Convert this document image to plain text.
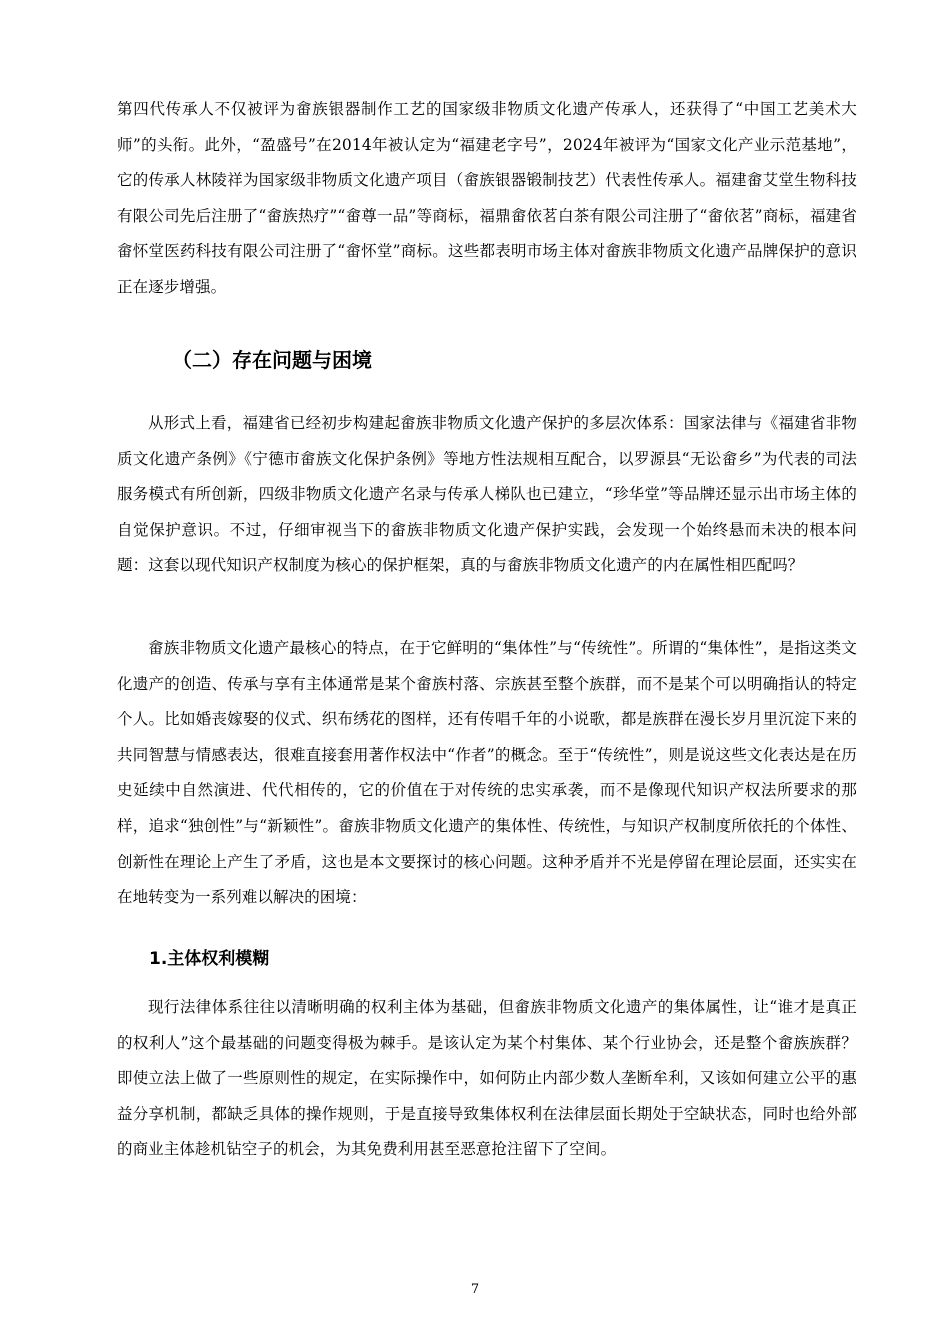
第四代传承人不仅被评为畲族银器制作工艺的国家级非物质文化遗产传承人，还获得了“中国工艺美术大师”的头衔。此外，“盈盛号”在2014年被认定为“福建老字号”，2024年被评为“国家文化产业示范基地”，它的传承人林陵祥为国家级非物质文化遗产项目（畲族银器锻制技艺）代表性传承人。福建畲艾堂生物科技有限公司先后注册了“畲族热疗”“畲尊一品”等商标，福鼎畲依茗白茶有限公司注册了“畲依茗”商标，福建省畲怀堂医药科技有限公司注册了“畲怀堂”商标。这些都表明市场主体对畲族非物质文化遗产品牌保护的意识正在逐步增强。

（二）存在问题与困境

从形式上看，福建省已经初步构建起畲族非物质文化遗产保护的多层次体系：国家法律与《福建省非物质文化遗产条例》《宁德市畲族文化保护条例》等地方性法规相互配合，以罗源县“无讼畲乡”为代表的司法服务模式有所创新，四级非物质文化遗产名录与传承人梯队也已建立，“珍华堂”等品牌还显示出市场主体的自觉保护意识。不过，仔细审视当下的畲族非物质文化遗产保护实践，会发现一个始终悬而未决的根本问题：这套以现代知识产权制度为核心的保护框架，真的与畲族非物质文化遗产的内在属性相匹配吗？

畲族非物质文化遗产最核心的特点，在于它鲜明的“集体性”与“传统性”。所谓的“集体性”，是指这类文化遗产的创造、传承与享有主体通常是某个畲族村落、宗族甚至整个族群，而不是某个可以明确指认的特定个人。比如婚丧嫁娶的仪式、织布绣花的图样，还有传唱千年的小说歌，都是族群在漫长岁月里沉淀下来的共同智慧与情感表达，很难直接套用著作权法中“作者”的概念。至于“传统性”，则是说这些文化表达是在历史延续中自然演进、代代相传的，它的价值在于对传统的忠实承袭，而不是像现代知识产权法所要求的那样，追求“独创性”与“新颖性”。畲族非物质文化遗产的集体性、传统性，与知识产权制度所依托的个体性、创新性在理论上产生了矛盾，这也是本文要探讨的核心问题。这种矛盾并不光是停留在理论层面，还实实在在地转变为一系列难以解决的困境：

1.主体权利模糊

现行法律体系往往以清晰明确的权利主体为基础，但畲族非物质文化遗产的集体属性，让“谁才是真正的权利人”这个最基础的问题变得极为棘手。是该认定为某个村集体、某个行业协会，还是整个畲族族群？即使立法上做了一些原则性的规定，在实际操作中，如何防止内部少数人垄断牟利，又该如何建立公平的惠益分享机制，都缺乏具体的操作规则，于是直接导致集体权利在法律层面长期处于空缺状态，同时也给外部的商业主体趁机钻空子的机会，为其免费利用甚至恶意抢注留下了空间。

7
